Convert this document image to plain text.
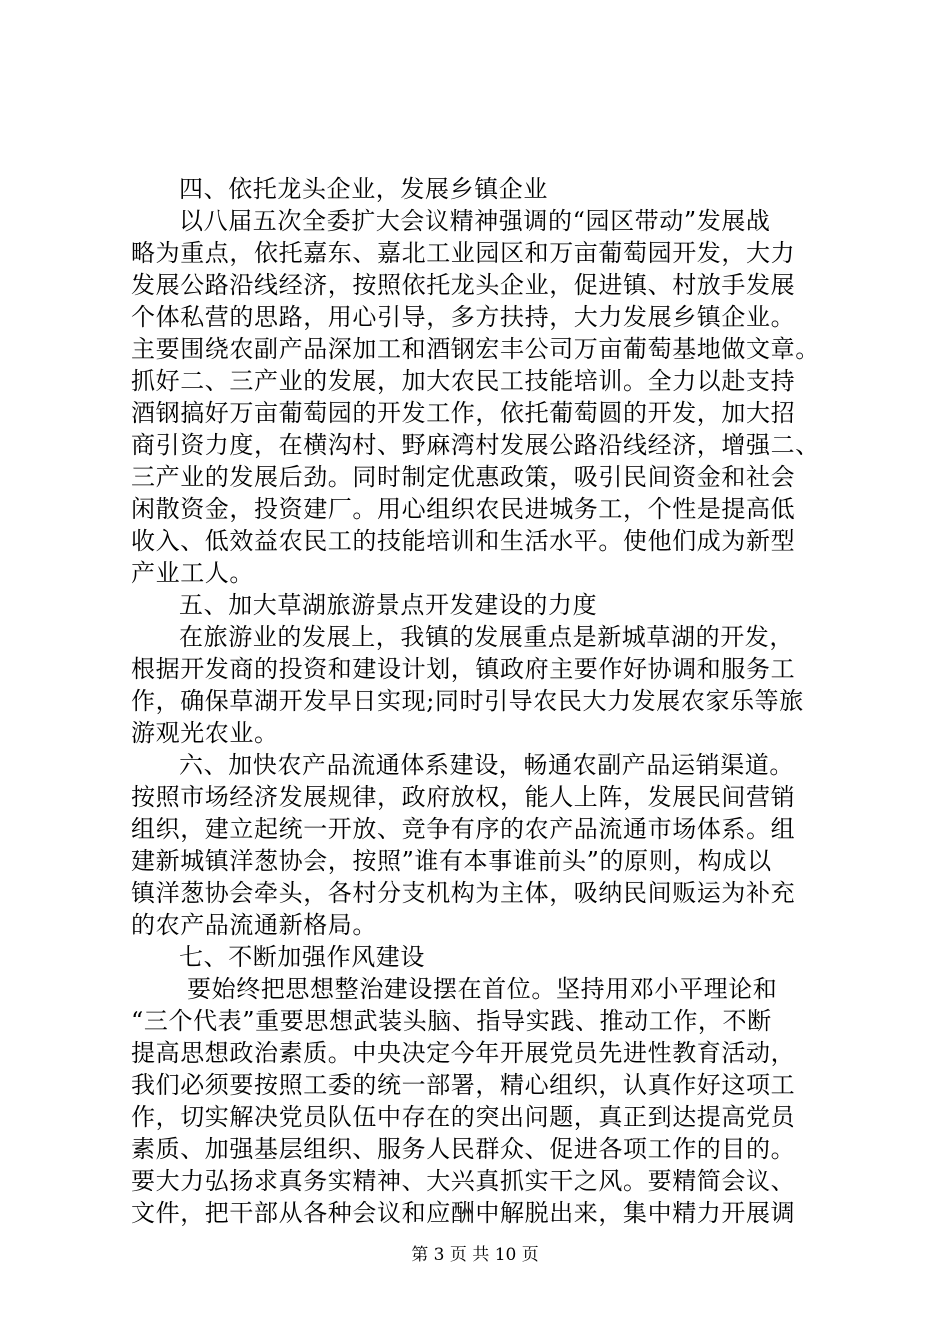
四、依托龙头企业，发展乡镇企业
以八届五次全委扩大会议精神强调的“园区带动”发展战
略为重点，依托嘉东、嘉北工业园区和万亩葡萄园开发，大力
发展公路沿线经济，按照依托龙头企业，促进镇、村放手发展
个体私营的思路，用心引导，多方扶持，大力发展乡镇企业。
主要围绕农副产品深加工和酒钢宏丰公司万亩葡萄基地做文章。
抓好二、三产业的发展，加大农民工技能培训。全力以赴支持
酒钢搞好万亩葡萄园的开发工作，依托葡萄圆的开发，加大招
商引资力度，在横沟村、野麻湾村发展公路沿线经济，增强二、
三产业的发展后劲。同时制定优惠政策，吸引民间资金和社会
闲散资金，投资建厂。用心组织农民进城务工，个性是提高低
收入、低效益农民工的技能培训和生活水平。使他们成为新型
产业工人。
五、加大草湖旅游景点开发建设的力度
在旅游业的发展上，我镇的发展重点是新城草湖的开发，
根据开发商的投资和建设计划，镇政府主要作好协调和服务工
作，确保草湖开发早日实现;同时引导农民大力发展农家乐等旅
游观光农业。
六、加快农产品流通体系建设，畅通农副产品运销渠道。
按照市场经济发展规律，政府放权，能人上阵，发展民间营销
组织，建立起统一开放、竞争有序的农产品流通市场体系。组
建新城镇洋葱协会，按照”谁有本事谁前头”的原则，构成以
镇洋葱协会牵头，各村分支机构为主体，吸纳民间贩运为补充
的农产品流通新格局。
七、不断加强作风建设
要始终把思想整治建设摆在首位。坚持用邓小平理论和
“三个代表”重要思想武装头脑、指导实践、推动工作，不断
提高思想政治素质。中央决定今年开展党员先进性教育活动，
我们必须要按照工委的统一部署，精心组织，认真作好这项工
作，切实解决党员队伍中存在的突出问题，真正到达提高党员
素质、加强基层组织、服务人民群众、促进各项工作的目的。
要大力弘扬求真务实精神、大兴真抓实干之风。要精简会议、
文件，把干部从各种会议和应酬中解脱出来，集中精力开展调
第 3 页 共 10 页
